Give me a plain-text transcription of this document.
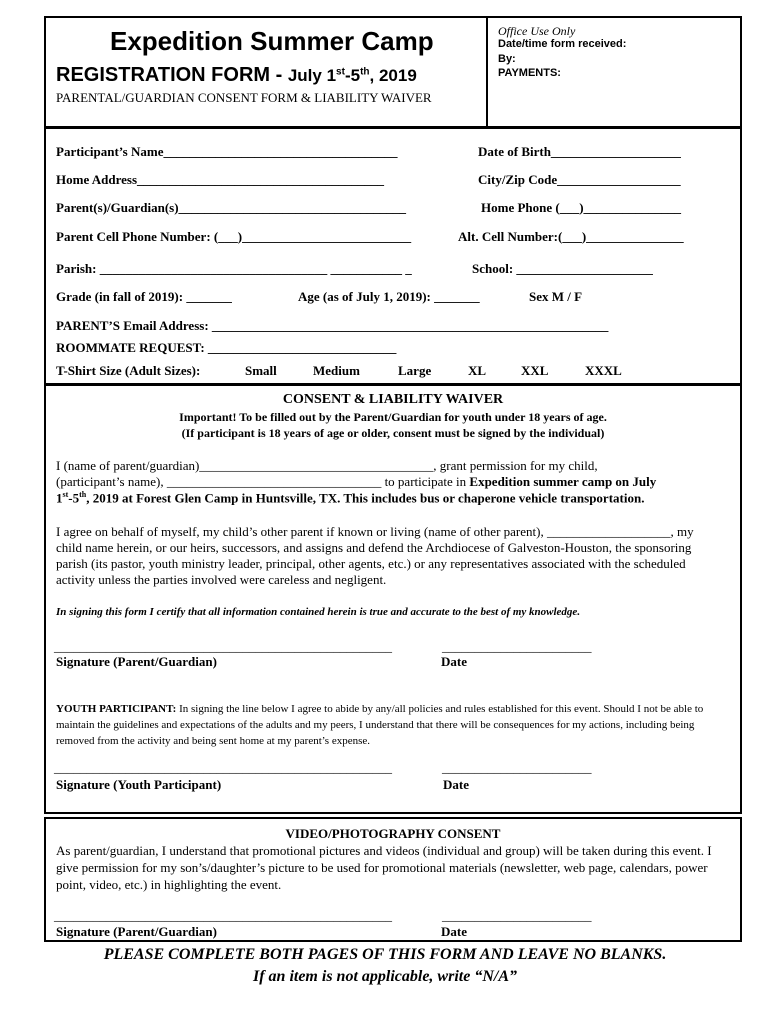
Expedition Summer Camp
REGISTRATION FORM - July 1st-5th, 2019
PARENTAL/GUARDIAN CONSENT FORM & LIABILITY WAIVER
Office Use Only
Date/time form received:
By:
PAYMENTS:
Participant’s Name____________________________________	Date of Birth____________________
Home Address______________________________________	City/Zip Code___________________
Parent(s)/Guardian(s)___________________________________	Home Phone (___)_______________
Parent Cell Phone Number: (___)__________________________	Alt. Cell Number:(___)_______________
Parish: ___________________________________ ___________ _	School: _____________________
Grade (in fall of 2019): _______	Age (as of July 1, 2019): _______	Sex M / F
PARENT’S Email Address: _____________________________________________________________
ROOMMATE REQUEST: _____________________________
T-Shirt Size (Adult Sizes):	Small	Medium	Large	XL	XXL	XXXL
CONSENT & LIABILITY WAIVER
Important! To be filled out by the Parent/Guardian for youth under 18 years of age.
(If participant is 18 years of age or older, consent must be signed by the individual)
I (name of parent/guardian)____________________________________, grant permission for my child,
(participant’s name), _________________________________ to participate in Expedition summer camp on July
1st-5th, 2019 at Forest Glen Camp in Huntsville, TX. This includes bus or chaperone vehicle transportation.
I agree on behalf of myself, my child’s other parent if known or living (name of other parent), ___________________, my child name herein, or our heirs, successors, and assigns and defend the Archdiocese of Galveston-Houston, the sponsoring parish (its pastor, youth ministry leader, principal, other agents, etc.) or any representatives associated with the scheduled activity unless the parties involved were careless and negligent.
In signing this form I certify that all information contained herein is true and accurate to the best of my knowledge.
____________________________________________________	_______________________
Signature (Parent/Guardian)	Date
YOUTH PARTICIPANT: In signing the line below I agree to abide by any/all policies and rules established for this event. Should I not be able to maintain the guidelines and expectations of the adults and my peers, I understand that there will be consequences for my actions, including being removed from the activity and being sent home at my parent’s expense.
____________________________________________________	_______________________
Signature (Youth Participant)	Date
VIDEO/PHOTOGRAPHY CONSENT
As parent/guardian, I understand that promotional pictures and videos (individual and group) will be taken during this event. I give permission for my son’s/daughter’s picture to be used for promotional materials (newsletter, web page, calendars, power point, video, etc.) in highlighting the event.
____________________________________________________	_______________________
Signature (Parent/Guardian)	Date
PLEASE COMPLETE BOTH PAGES OF THIS FORM AND LEAVE NO BLANKS.
If an item is not applicable, write “N/A”
